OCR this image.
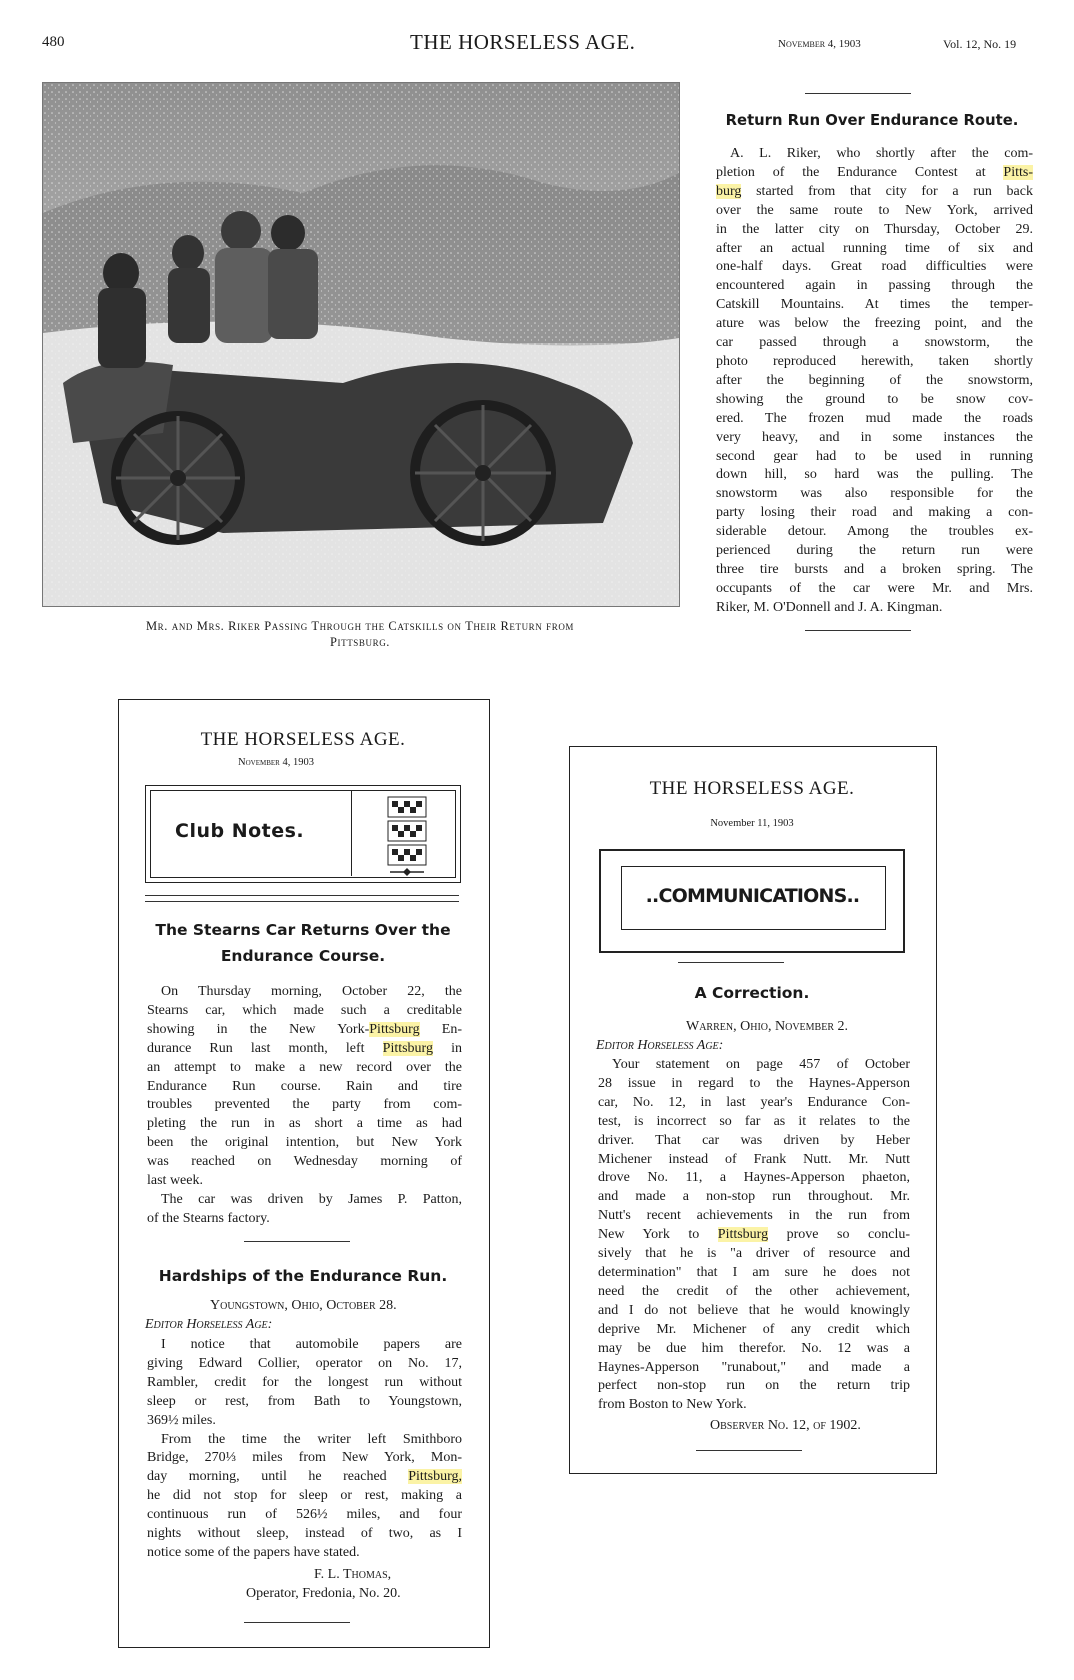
480	THE HORSELESS AGE.	November 4, 1903	Vol. 12, No. 19
Mr. and Mrs. Riker Passing Through the Catskills on Their Return from
Pittsburg.
Return Run Over Endurance Route.
A. L. Riker, who shortly after the com-
pletion of the Endurance Contest at Pitts-
burg started from that city for a run back
over the same route to New York, arrived
in the latter city on Thursday, October 29.
after an actual running time of six and
one-half days. Great road difficulties were
encountered again in passing through the
Catskill Mountains. At times the temper-
ature was below the freezing point, and the
car passed through a snowstorm, the
photo reproduced herewith, taken shortly
after the beginning of the snowstorm,
showing the ground to be snow cov-
ered. The frozen mud made the roads
very heavy, and in some instances the
second gear had to be used in running
down hill, so hard was the pulling. The
snowstorm was also responsible for the
party losing their road and making a con-
siderable detour. Among the troubles ex-
perienced during the return run were
three tire bursts and a broken spring. The
occupants of the car were Mr. and Mrs.
Riker, M. O'Donnell and J. A. Kingman.
THE HORSELESS AGE.
November 4, 1903
Club Notes.
The Stearns Car Returns Over the
Endurance Course.
On Thursday morning, October 22, the
Stearns car, which made such a creditable
showing in the New York-Pittsburg En-
durance Run last month, left Pittsburg in
an attempt to make a new record over the
Endurance Run course. Rain and tire
troubles prevented the party from com-
pleting the run in as short a time as had
been the original intention, but New York
was reached on Wednesday morning of
last week.
The car was driven by James P. Patton,
of the Stearns factory.
Hardships of the Endurance Run.
Youngstown, Ohio, October 28.
Editor Horseless Age:
I notice that automobile papers are
giving Edward Collier, operator on No. 17,
Rambler, credit for the longest run without
sleep or rest, from Bath to Youngstown,
369½ miles.
From the time the writer left Smithboro
Bridge, 270⅓ miles from New York, Mon-
day morning, until he reached Pittsburg,
he did not stop for sleep or rest, making a
continuous run of 526½ miles, and four
nights without sleep, instead of two, as I
notice some of the papers have stated.
F. L. Thomas,
Operator, Fredonia, No. 20.
THE HORSELESS AGE.
November 11, 1903
..COMMUNICATIONS..
A Correction.
Warren, Ohio, November 2.
Editor Horseless Age:
Your statement on page 457 of October
28 issue in regard to the Haynes-Apperson
car, No. 12, in last year's Endurance Con-
test, is incorrect so far as it relates to the
driver. That car was driven by Heber
Michener instead of Frank Nutt. Mr. Nutt
drove No. 11, a Haynes-Apperson phaeton,
and made a non-stop run throughout. Mr.
Nutt's recent achievements in the run from
New York to Pittsburg prove so conclu-
sively that he is "a driver of resource and
determination" that I am sure he does not
need the credit of the other achievement,
and I do not believe that he would knowingly
deprive Mr. Michener of any credit which
may be due him therefor. No. 12 was a
Haynes-Apperson "runabout," and made a
perfect non-stop run on the return trip
from Boston to New York.
Observer No. 12, of 1902.
